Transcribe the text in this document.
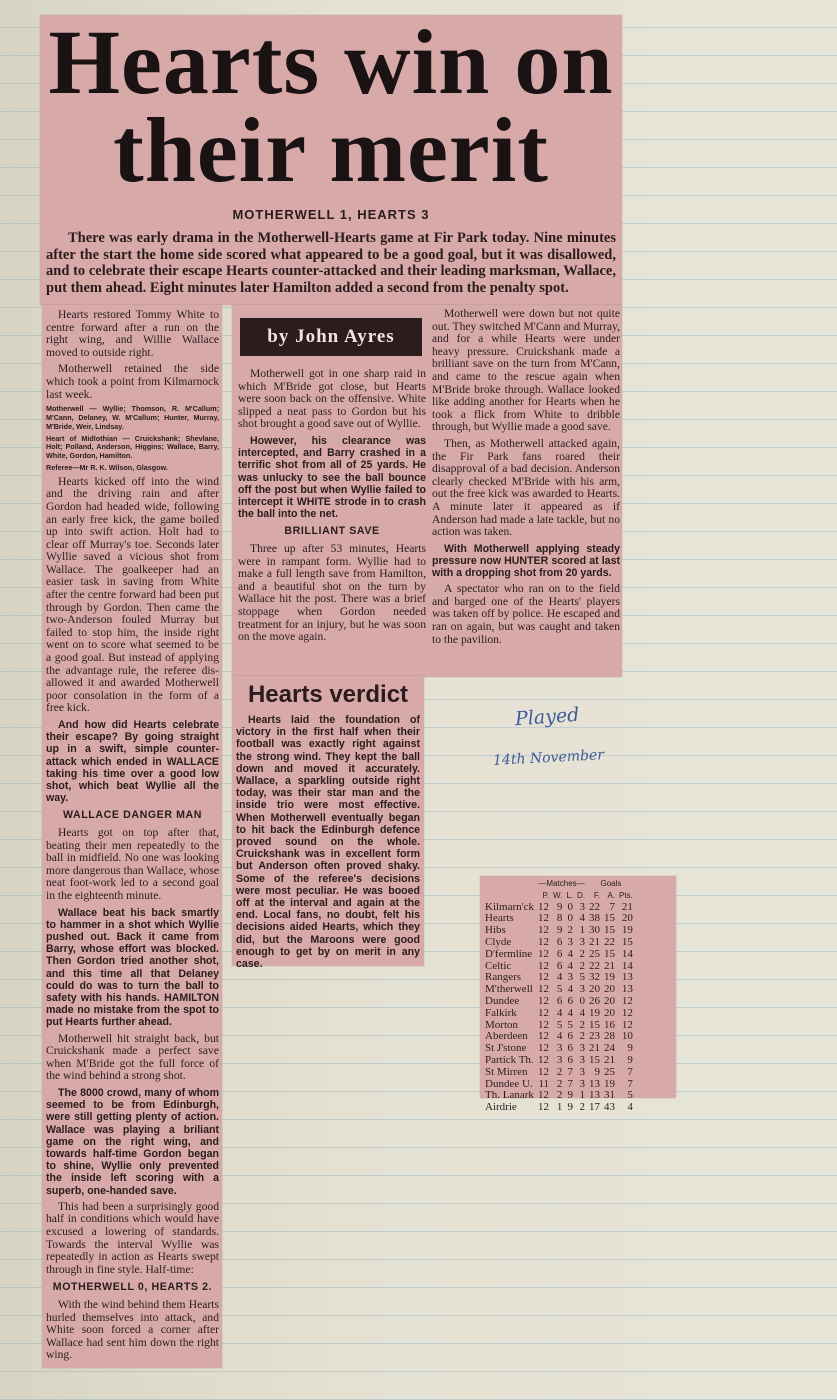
Hearts win on
their merit
MOTHERWELL 1, HEARTS 3
There was early drama in the Motherwell-Hearts game at Fir Park today. Nine minutes after the start the home side scored what appeared to be a good goal, but it was disallowed, and to celebrate their escape Hearts counter-attacked and their leading marksman, Wallace, put them ahead. Eight minutes later Hamilton added a second from the penalty spot.

Hearts restored Tommy White to centre forward after a run on the right wing, and Willie Wallace moved to outside right.

Motherwell retained the side which took a point from Kilmarnock last week.

Motherwell — Wyllie; Thomson, R. M'Callum; M'Cann, Delaney, W. M'Callum; Hunter, Murray, M'Bride, Weir, Lindsay.

Heart of Midlothian — Cruickshank; Shevlane, Holt; Polland, Anderson, Higgins; Wallace, Barry, White, Gordon, Hamilton.

Referee—Mr R. K. Wilson, Glasgow.

Hearts kicked off into the wind and the driving rain and after Gordon had headed wide, following an early free kick, the game boiled up into swift action. Holt had to clear off Murray's toe. Seconds later Wyllie saved a vicious shot from Wallace. The goalkeeper had an easier task in saving from White after the centre forward had been put through by Gordon. Then came the two-Anderson fouled Murray but failed to stop him, the inside right went on to score what seemed to be a good goal. But instead of applying the advantage rule, the referee dis-allowed it and awarded Motherwell poor consolation in the form of a free kick.

And how did Hearts celebrate their escape? By going straight up in a swift, simple counter-attack which ended in WALLACE taking his time over a good low shot, which beat Wyllie all the way.

WALLACE DANGER MAN

Hearts got on top after that, beating their men repeatedly to the ball in midfield. No one was looking more dangerous than Wallace, whose neat foot-work led to a second goal in the eighteenth minute.

Wallace beat his back smartly to hammer in a shot which Wyllie pushed out. Back it came from Barry, whose effort was blocked. Then Gordon tried another shot, and this time all that Delaney could do was to turn the ball to safety with his hands. HAMILTON made no mistake from the spot to put Hearts further ahead.

Motherwell hit straight back, but Cruickshank made a perfect save when M'Bride got the full force of the wind behind a strong shot.

The 8000 crowd, many of whom seemed to be from Edinburgh, were still getting plenty of action. Wallace was playing a briliant game on the right wing, and towards half-time Gordon began to shine, Wyllie only prevented the inside left scoring with a superb, one-handed save.

This had been a surprisingly good half in conditions which would have excused a lowering of standards. Towards the interval Wyllie was repeatedly in action as Hearts swept through in fine style. Half-time:

MOTHERWELL 0, HEARTS 2.

With the wind behind them Hearts hurled themselves into attack, and White soon forced a corner after Wallace had sent him down the right wing.

by John Ayres

Motherwell got in one sharp raid in which M'Bride got close, but Hearts were soon back on the offensive. White slipped a neat pass to Gordon but his shot brought a good save out of Wyllie.

However, his clearance was intercepted, and Barry crashed in a terrific shot from all of 25 yards. He was unlucky to see the ball bounce off the post but when Wyllie failed to intercept it WHITE strode in to crash the ball into the net.

BRILLIANT SAVE

Three up after 53 minutes, Hearts were in rampant form. Wyllie had to make a full length save from Hamilton, and a beautiful shot on the turn by Wallace hit the post. There was a brief stoppage when Gordon needed treatment for an injury, but he was soon on the move again.

Motherwell were down but not quite out. They switched M'Cann and Murray, and for a while Hearts were under heavy pressure. Cruickshank made a brilliant save on the turn from M'Cann, and came to the rescue again when M'Bride broke through. Wallace looked like adding another for Hearts when he took a flick from White to dribble through, but Wyllie made a good save.

Then, as Motherwell attacked again, the Fir Park fans roared their disapproval of a bad decision. Anderson clearly checked M'Bride with his arm, out the free kick was awarded to Hearts. A minute later it appeared as if Anderson had made a late tackle, but no action was taken.

With Motherwell applying steady pressure now HUNTER scored at last with a dropping shot from 20 yards.

A spectator who ran on to the field and barged one of the Hearts' players was taken off by police. He escaped and ran on again, but was caught and taken to the pavilion.

Hearts verdict
Hearts laid the foundation of victory in the first half when their football was exactly right against the strong wind. They kept the ball down and moved it accurately. Wallace, a sparkling outside right today, was their star man and the inside trio were most effective. When Motherwell eventually began to hit back the Edinburgh defence proved sound on the whole. Cruickshank was in excellent form but Anderson often proved shaky. Some of the referee's decisions were most peculiar. He was booed off at the interval and again at the end. Local fans, no doubt, felt his decisions aided Hearts, which they did, but the Maroons were good enough to get by on merit in any case.
Played
14th November
	—Matches—				Goals		
	P.	W.	L.	D.	F.	A.	Pts.
Kilmarn'ck	12	9	0	3	22	7	21
Hearts	12	8	0	4	38	15	20
Hibs	12	9	2	1	30	15	19
Clyde	12	6	3	3	21	22	15
D'fermline	12	6	4	2	25	15	14
Celtic	12	6	4	2	22	21	14
Rangers	12	4	3	5	32	19	13
M'therwell	12	5	4	3	20	20	13
Dundee	12	6	6	0	26	20	12
Falkirk	12	4	4	4	19	20	12
Morton	12	5	5	2	15	16	12
Aberdeen	12	4	6	2	23	28	10
St J'stone	12	3	6	3	21	24	9
Partick Th.	12	3	6	3	15	21	9
St Mirren	12	2	7	3	9	25	7
Dundee U.	11	2	7	3	13	19	7
Th. Lanark	12	2	9	1	13	31	5
Airdrie	12	1	9	2	17	43	4
